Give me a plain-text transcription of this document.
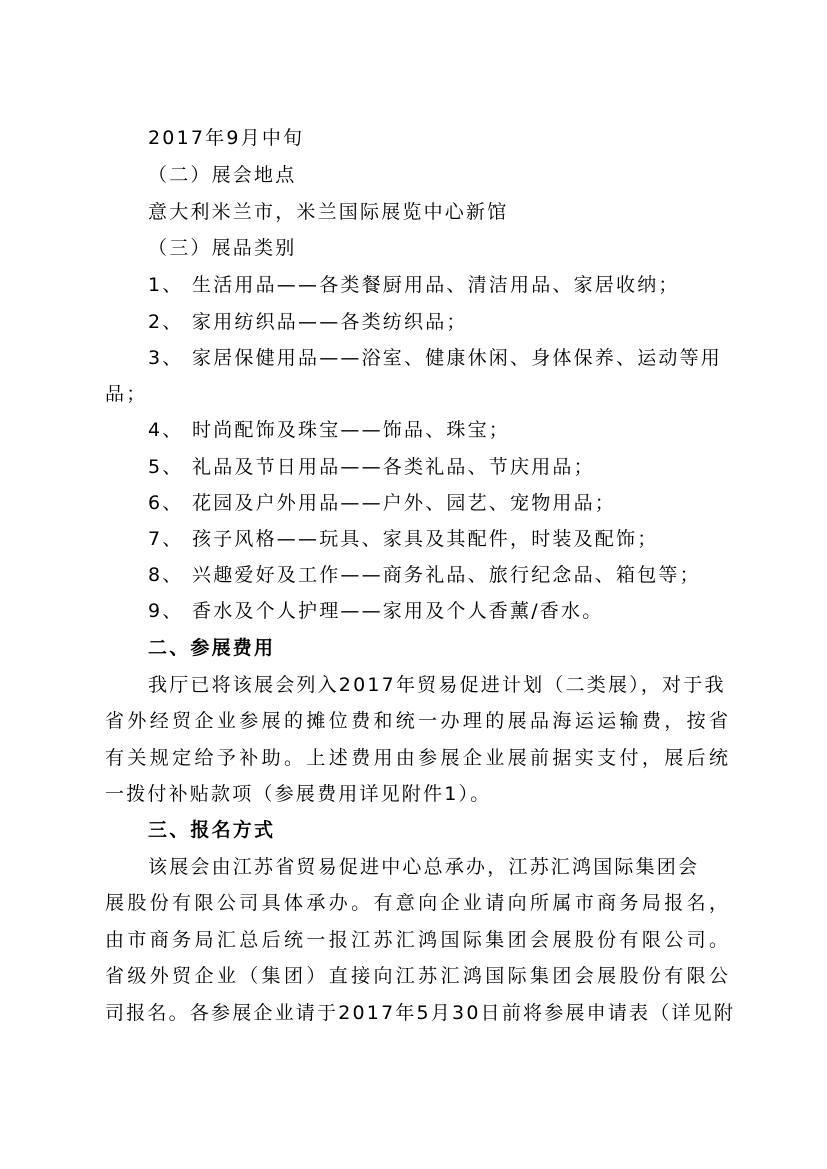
2017年9月中旬
（二）展会地点
意大利米兰市，米兰国际展览中心新馆
（三）展品类别
1、 生活用品——各类餐厨用品、清洁用品、家居收纳；
2、 家用纺织品——各类纺织品；
3、 家居保健用品——浴室、健康休闲、身体保养、运动等用
品；
4、 时尚配饰及珠宝——饰品、珠宝；
5、 礼品及节日用品——各类礼品、节庆用品；
6、 花园及户外用品——户外、园艺、宠物用品；
7、 孩子风格——玩具、家具及其配件，时装及配饰；
8、 兴趣爱好及工作——商务礼品、旅行纪念品、箱包等；
9、 香水及个人护理——家用及个人香薰/香水。
二、参展费用
我厅已将该展会列入2017年贸易促进计划（二类展），对于我
省外经贸企业参展的摊位费和统一办理的展品海运运输费，按省
有关规定给予补助。上述费用由参展企业展前据实支付，展后统
一拨付补贴款项（参展费用详见附件1）。
三、报名方式
该展会由江苏省贸易促进中心总承办，江苏汇鸿国际集团会
展股份有限公司具体承办。有意向企业请向所属市商务局报名，
由市商务局汇总后统一报江苏汇鸿国际集团会展股份有限公司。
省级外贸企业（集团）直接向江苏汇鸿国际集团会展股份有限公
司报名。各参展企业请于2017年5月30日前将参展申请表（详见附
